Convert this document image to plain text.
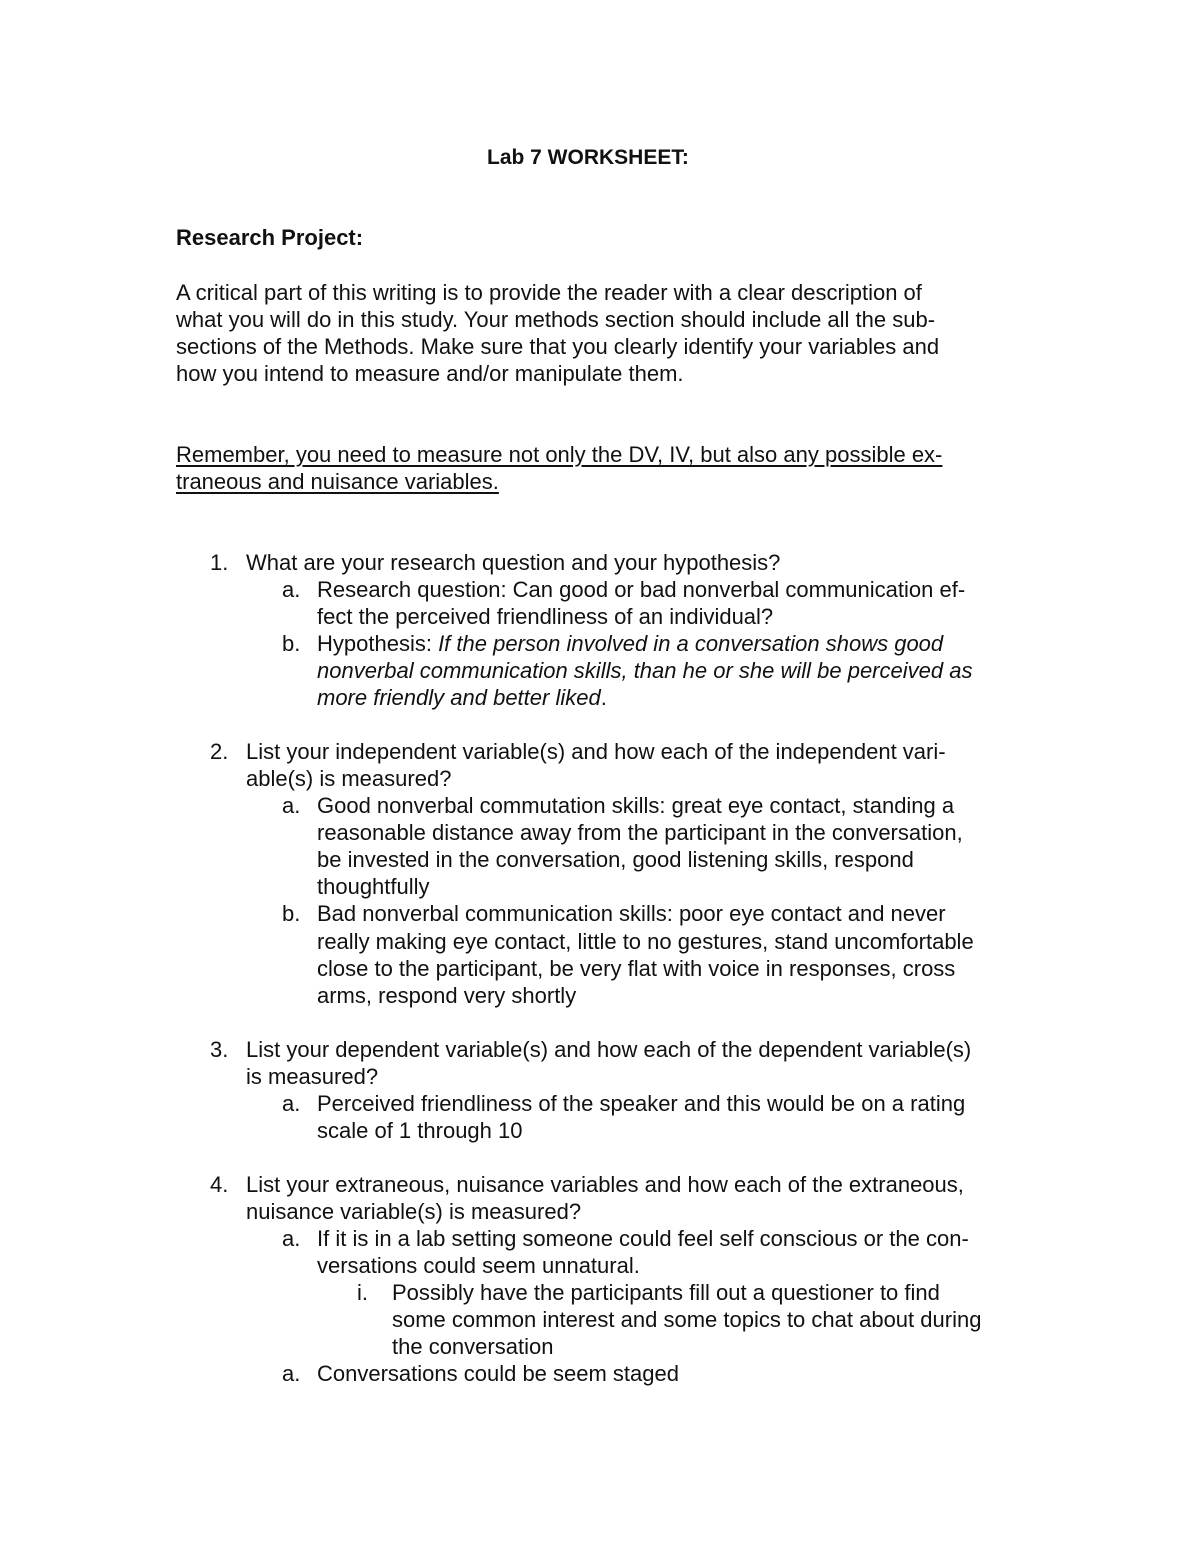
Lab 7 WORKSHEET:
Research Project:
A critical part of this writing is to provide the reader with a clear description of
what you will do in this study. Your methods section should include all the sub-
sections of the Methods. Make sure that you clearly identify your variables and
how you intend to measure and/or manipulate them.
Remember, you need to measure not only the DV, IV, but also any possible ex-
traneous and nuisance variables.
1. What are your research question and your hypothesis?
a. Research question: Can good or bad nonverbal communication ef-
fect the perceived friendliness of an individual?
b. Hypothesis: If the person involved in a conversation shows good
nonverbal communication skills, than he or she will be perceived as
more friendly and better liked.
2. List your independent variable(s) and how each of the independent vari-
able(s) is measured?
a. Good nonverbal commutation skills: great eye contact, standing a
reasonable distance away from the participant in the conversation,
be invested in the conversation, good listening skills, respond
thoughtfully
b. Bad nonverbal communication skills: poor eye contact and never
really making eye contact, little to no gestures, stand uncomfortable
close to the participant, be very flat with voice in responses, cross
arms, respond very shortly
3. List your dependent variable(s) and how each of the dependent variable(s)
is measured?
a. Perceived friendliness of the speaker and this would be on a rating
scale of 1 through 10
4. List your extraneous, nuisance variables and how each of the extraneous,
nuisance variable(s) is measured?
a. If it is in a lab setting someone could feel self conscious or the con-
versations could seem unnatural.
i. Possibly have the participants fill out a questioner to find
some common interest and some topics to chat about during
the conversation
a. Conversations could be seem staged
